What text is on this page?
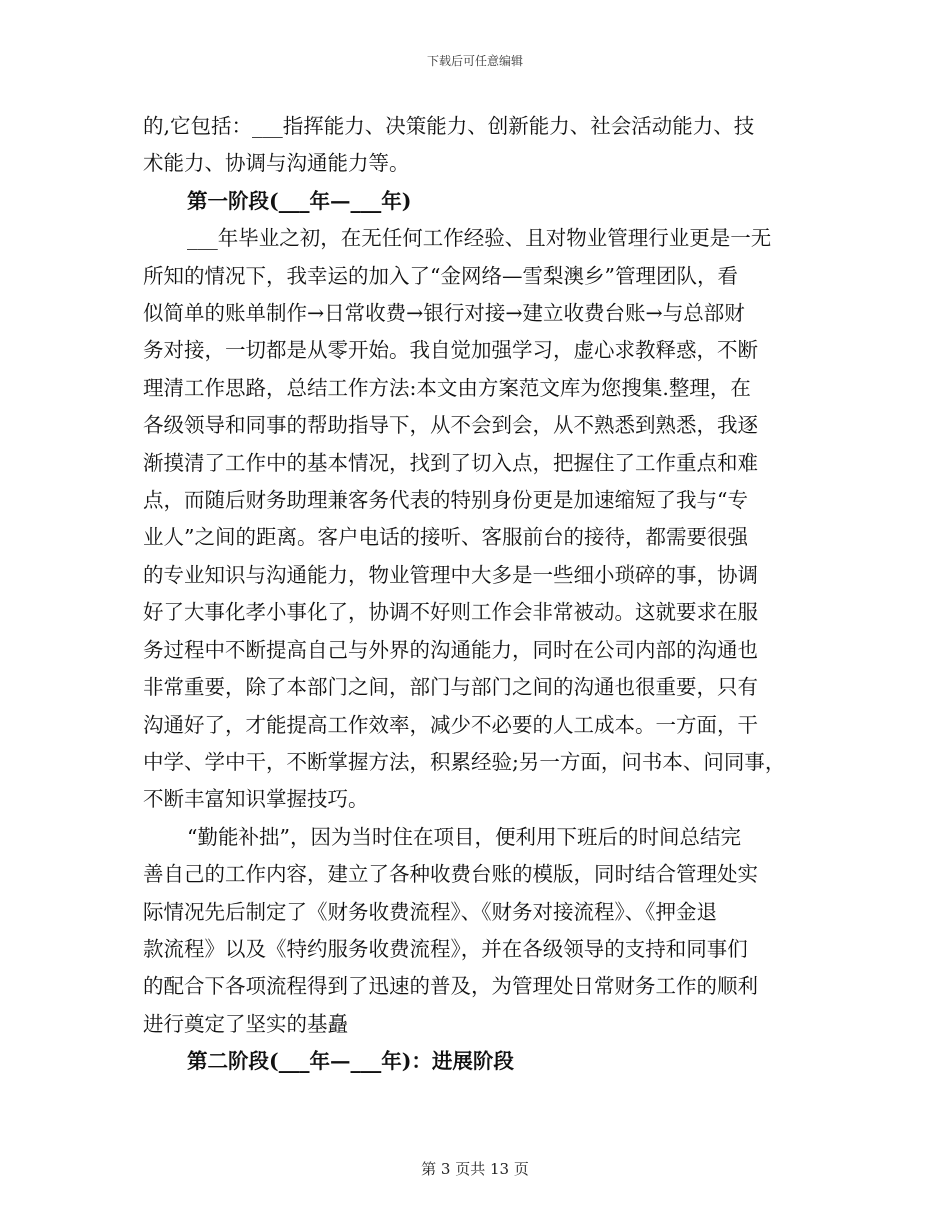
下载后可任意编辑
的,它包括：___指挥能力、决策能力、创新能力、社会活动能力、技
术能力、协调与沟通能力等。
第一阶段(___年—___年)
___年毕业之初，在无任何工作经验、且对物业管理行业更是一无
所知的情况下，我幸运的加入了“金网络—雪梨澳乡”管理团队，看
似简单的账单制作→日常收费→银行对接→建立收费台账→与总部财
务对接，一切都是从零开始。我自觉加强学习，虚心求教释惑，不断
理清工作思路，总结工作方法:本文由方案范文库为您搜集.整理，在
各级领导和同事的帮助指导下，从不会到会，从不熟悉到熟悉，我逐
渐摸清了工作中的基本情况，找到了切入点，把握住了工作重点和难
点，而随后财务助理兼客务代表的特别身份更是加速缩短了我与“专
业人”之间的距离。客户电话的接听、客服前台的接待，都需要很强
的专业知识与沟通能力，物业管理中大多是一些细小琐碎的事，协调
好了大事化孝小事化了，协调不好则工作会非常被动。这就要求在服
务过程中不断提高自己与外界的沟通能力，同时在公司内部的沟通也
非常重要，除了本部门之间，部门与部门之间的沟通也很重要，只有
沟通好了，才能提高工作效率，减少不必要的人工成本。一方面，干
中学、学中干，不断掌握方法，积累经验;另一方面，问书本、问同事，
不断丰富知识掌握技巧。
“勤能补拙”，因为当时住在项目，便利用下班后的时间总结完
善自己的工作内容，建立了各种收费台账的模版，同时结合管理处实
际情况先后制定了《财务收费流程》、《财务对接流程》、《押金退
款流程》以及《特约服务收费流程》，并在各级领导的支持和同事们
的配合下各项流程得到了迅速的普及，为管理处日常财务工作的顺利
进行奠定了坚实的基矗
第二阶段(___年—___年)：进展阶段
第 3 页共 13 页
